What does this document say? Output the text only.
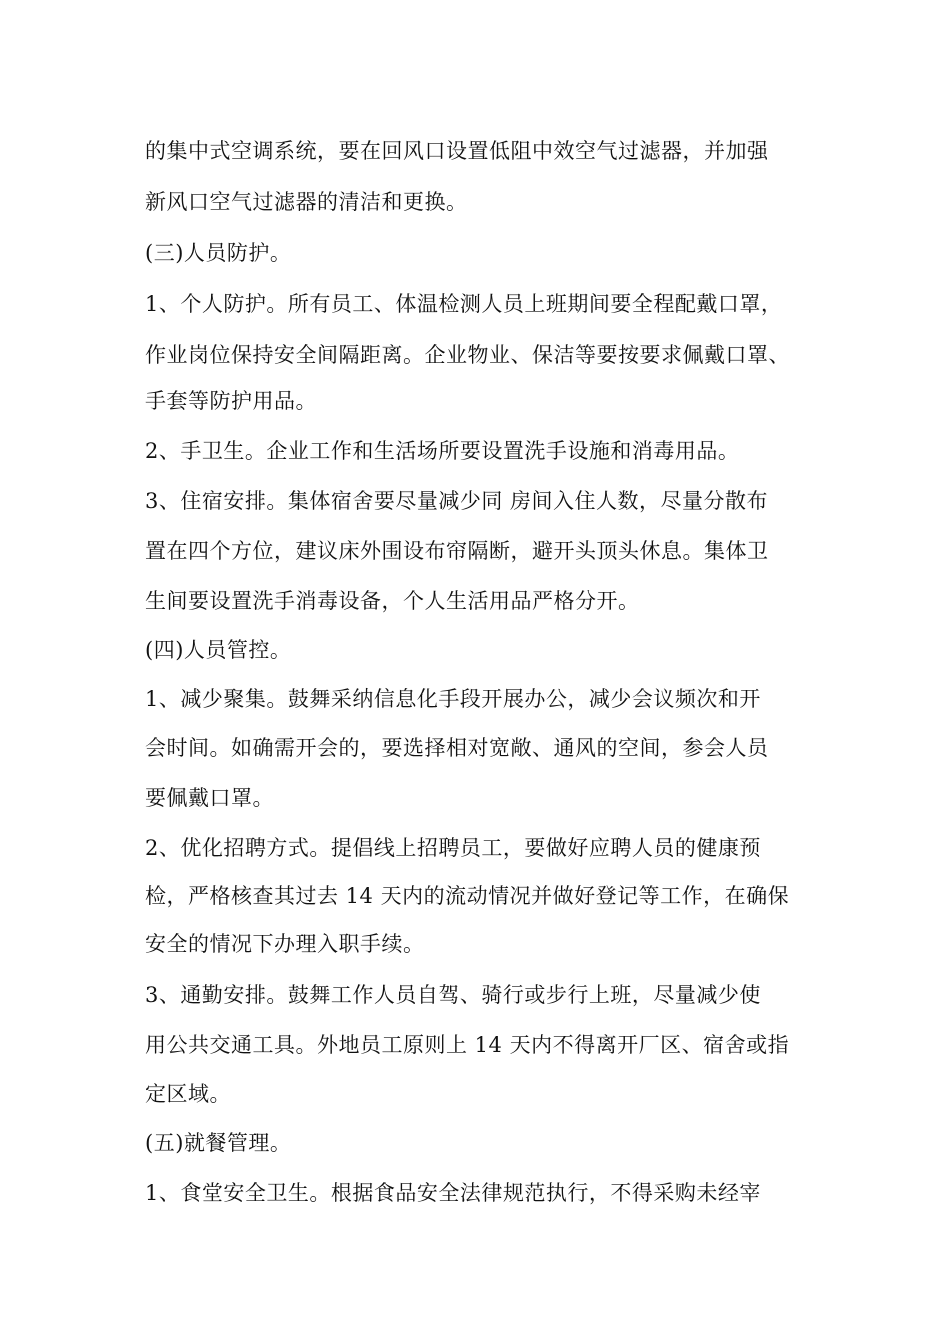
的集中式空调系统，要在回风口设置低阻中效空气过滤器，并加强
新风口空气过滤器的清洁和更换。
(三)人员防护。
1、个人防护。所有员工、体温检测人员上班期间要全程配戴口罩，
作业岗位保持安全间隔距离。企业物业、保洁等要按要求佩戴口罩、
手套等防护用品。
2、手卫生。企业工作和生活场所要设置洗手设施和消毒用品。
3、住宿安排。集体宿舍要尽量减少同 房间入住人数，尽量分散布
置在四个方位，建议床外围设布帘隔断，避开头顶头休息。集体卫
生间要设置洗手消毒设备，个人生活用品严格分开。
(四)人员管控。
1、减少聚集。鼓舞采纳信息化手段开展办公，减少会议频次和开
会时间。如确需开会的，要选择相对宽敞、通风的空间，参会人员
要佩戴口罩。
2、优化招聘方式。提倡线上招聘员工，要做好应聘人员的健康预
检，严格核查其过去 14 天内的流动情况并做好登记等工作，在确保
安全的情况下办理入职手续。
3、通勤安排。鼓舞工作人员自驾、骑行或步行上班，尽量减少使
用公共交通工具。外地员工原则上 14 天内不得离开厂区、宿舍或指
定区域。
(五)就餐管理。
1、食堂安全卫生。根据食品安全法律规范执行，不得采购未经宰
